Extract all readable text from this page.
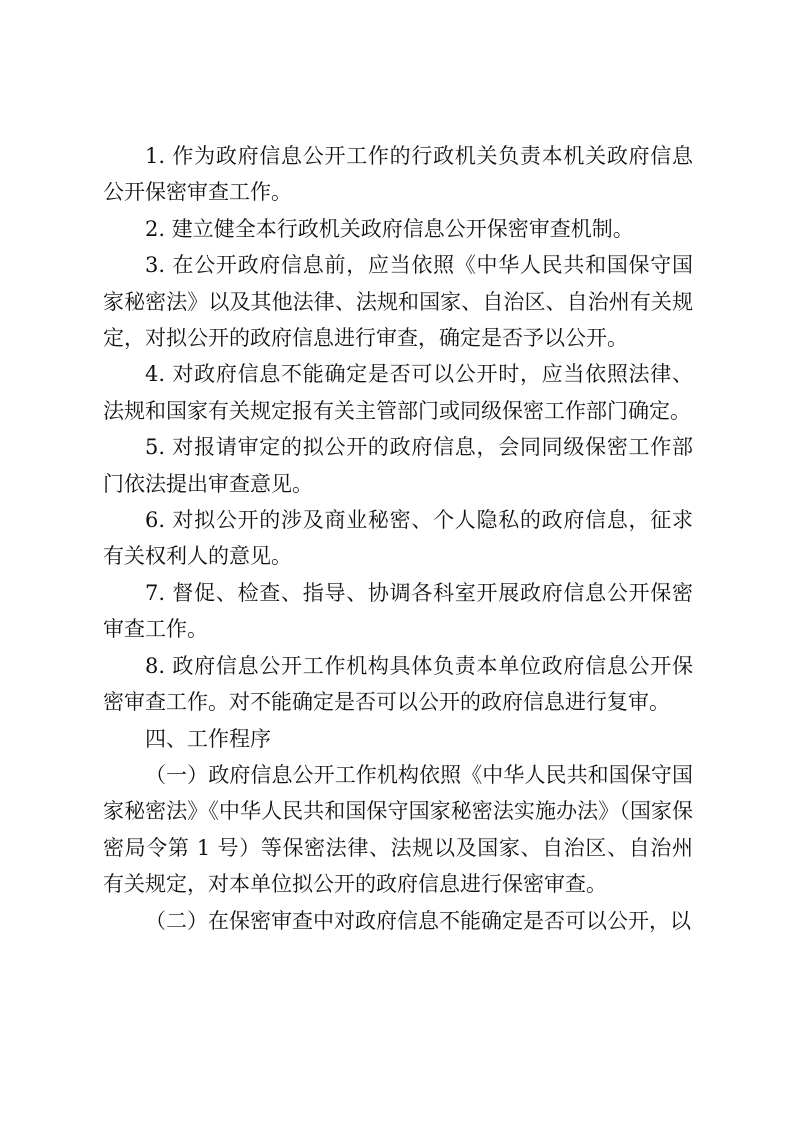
1. 作为政府信息公开工作的行政机关负责本机关政府信息公开保密审查工作。

2. 建立健全本行政机关政府信息公开保密审查机制。

3. 在公开政府信息前，应当依照《中华人民共和国保守国家秘密法》以及其他法律、法规和国家、自治区、自治州有关规定，对拟公开的政府信息进行审查，确定是否予以公开。

4. 对政府信息不能确定是否可以公开时，应当依照法律、法规和国家有关规定报有关主管部门或同级保密工作部门确定。

5. 对报请审定的拟公开的政府信息，会同同级保密工作部门依法提出审查意见。

6. 对拟公开的涉及商业秘密、个人隐私的政府信息，征求有关权利人的意见。

7. 督促、检查、指导、协调各科室开展政府信息公开保密审查工作。

8. 政府信息公开工作机构具体负责本单位政府信息公开保密审查工作。对不能确定是否可以公开的政府信息进行复审。

四、工作程序

（一）政府信息公开工作机构依照《中华人民共和国保守国家秘密法》《中华人民共和国保守国家秘密法实施办法》（国家保密局令第 1 号）等保密法律、法规以及国家、自治区、自治州有关规定，对本单位拟公开的政府信息进行保密审查。

（二）在保密审查中对政府信息不能确定是否可以公开，以
